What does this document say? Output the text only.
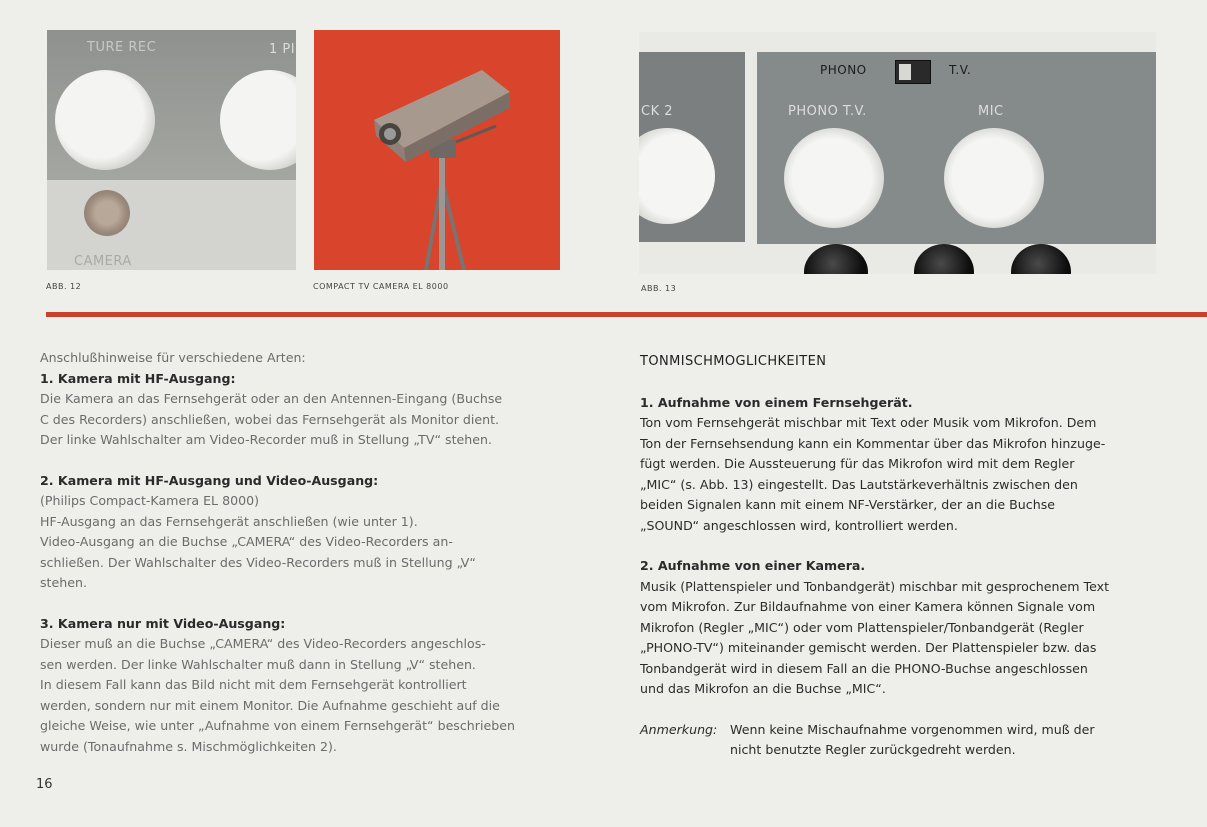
TURE REC	1 PI
CAMERA
ABB. 12	COMPACT TV CAMERA EL 8000
PHONO	T.V.
CK 2	PHONO T.V.	MIC
ABB. 13

Anschlußhinweise für verschiedene Arten:

1. Kamera mit HF-Ausgang:

Die Kamera an das Fernsehgerät oder an den Antennen-Eingang (Buchse

C des Recorders) anschließen, wobei das Fernsehgerät als Monitor dient.

Der linke Wahlschalter am Video-Recorder muß in Stellung „TV“ stehen.

2. Kamera mit HF-Ausgang und Video-Ausgang:

(Philips Compact-Kamera EL 8000)

HF-Ausgang an das Fernsehgerät anschließen (wie unter 1).

Video-Ausgang an die Buchse „CAMERA“ des Video-Recorders an-

schließen. Der Wahlschalter des Video-Recorders muß in Stellung „V“

stehen.

3. Kamera nur mit Video-Ausgang:

Dieser muß an die Buchse „CAMERA“ des Video-Recorders angeschlos-

sen werden. Der linke Wahlschalter muß dann in Stellung „V“ stehen.

In diesem Fall kann das Bild nicht mit dem Fernsehgerät kontrolliert

werden, sondern nur mit einem Monitor. Die Aufnahme geschieht auf die

gleiche Weise, wie unter „Aufnahme von einem Fernsehgerät“ beschrieben

wurde (Tonaufnahme s. Mischmöglichkeiten 2).

TONMISCHMOGLICHKEITEN

1. Aufnahme von einem Fernsehgerät.

Ton vom Fernsehgerät mischbar mit Text oder Musik vom Mikrofon. Dem

Ton der Fernsehsendung kann ein Kommentar über das Mikrofon hinzuge-

fügt werden. Die Aussteuerung für das Mikrofon wird mit dem Regler

„MIC“ (s. Abb. 13) eingestellt. Das Lautstärkeverhältnis zwischen den

beiden Signalen kann mit einem NF-Verstärker, der an die Buchse

„SOUND“ angeschlossen wird, kontrolliert werden.

2. Aufnahme von einer Kamera.

Musik (Plattenspieler und Tonbandgerät) mischbar mit gesprochenem Text

vom Mikrofon. Zur Bildaufnahme von einer Kamera können Signale vom

Mikrofon (Regler „MIC“) oder vom Plattenspieler/Tonbandgerät (Regler

„PHONO-TV“) miteinander gemischt werden. Der Plattenspieler bzw. das

Tonbandgerät wird in diesem Fall an die PHONO-Buchse angeschlossen

und das Mikrofon an die Buchse „MIC“.

Anmerkung:	Wenn keine Mischaufnahme vorgenommen wird, muß der

nicht benutzte Regler zurückgedreht werden.

16
